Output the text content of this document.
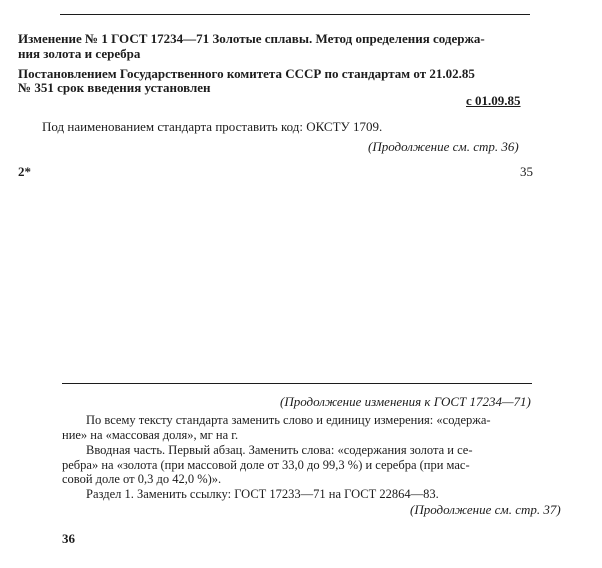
Изменение № 1 ГОСТ 17234—71 Золотые сплавы. Метод определения содержа-
ния золота и серебра
Постановлением Государственного комитета СССР по стандартам от 21.02.85
№ 351 срок введения установлен
с 01.09.85
Под наименованием стандарта проставить код: ОКСТУ 1709.
(Продолжение см. стр. 36)
2*	35
(Продолжение изменения к ГОСТ 17234—71)
По всему тексту стандарта заменить слово и единицу измерения: «содержа-
ние» на «массовая доля», мг на г.
Вводная часть. Первый абзац. Заменить слова: «содержания золота и се-
ребра» на «золота (при массовой доле от 33,0 до 99,3 %) и серебра (при мас-
совой доле от 0,3 до 42,0 %)».
Раздел 1. Заменить ссылку: ГОСТ 17233—71 на ГОСТ 22864—83.
(Продолжение см. стр. 37)
36
